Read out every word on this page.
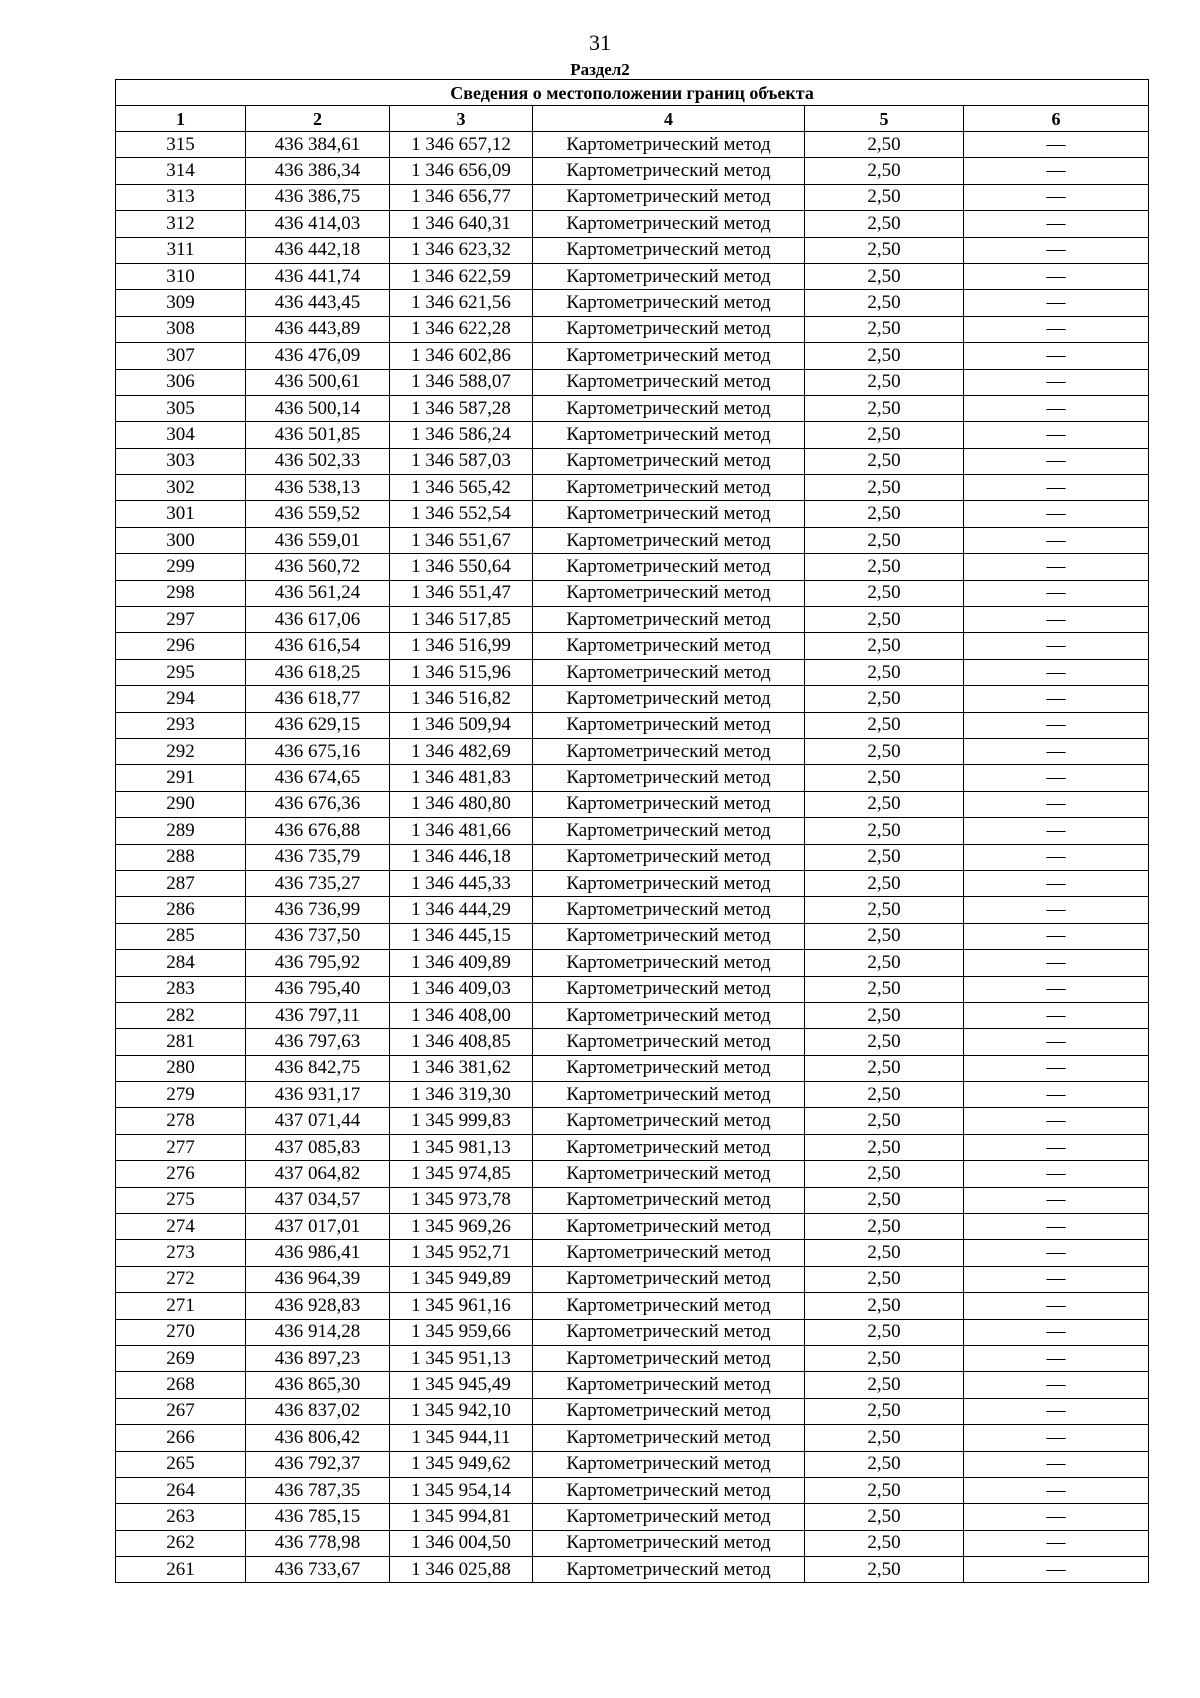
31
Раздел2
Сведения о местоположении границ объекта					
1	2	3	4	5	6
315	436 384,61	1 346 657,12	Картометрический метод	2,50	—
314	436 386,34	1 346 656,09	Картометрический метод	2,50	—
313	436 386,75	1 346 656,77	Картометрический метод	2,50	—
312	436 414,03	1 346 640,31	Картометрический метод	2,50	—
311	436 442,18	1 346 623,32	Картометрический метод	2,50	—
310	436 441,74	1 346 622,59	Картометрический метод	2,50	—
309	436 443,45	1 346 621,56	Картометрический метод	2,50	—
308	436 443,89	1 346 622,28	Картометрический метод	2,50	—
307	436 476,09	1 346 602,86	Картометрический метод	2,50	—
306	436 500,61	1 346 588,07	Картометрический метод	2,50	—
305	436 500,14	1 346 587,28	Картометрический метод	2,50	—
304	436 501,85	1 346 586,24	Картометрический метод	2,50	—
303	436 502,33	1 346 587,03	Картометрический метод	2,50	—
302	436 538,13	1 346 565,42	Картометрический метод	2,50	—
301	436 559,52	1 346 552,54	Картометрический метод	2,50	—
300	436 559,01	1 346 551,67	Картометрический метод	2,50	—
299	436 560,72	1 346 550,64	Картометрический метод	2,50	—
298	436 561,24	1 346 551,47	Картометрический метод	2,50	—
297	436 617,06	1 346 517,85	Картометрический метод	2,50	—
296	436 616,54	1 346 516,99	Картометрический метод	2,50	—
295	436 618,25	1 346 515,96	Картометрический метод	2,50	—
294	436 618,77	1 346 516,82	Картометрический метод	2,50	—
293	436 629,15	1 346 509,94	Картометрический метод	2,50	—
292	436 675,16	1 346 482,69	Картометрический метод	2,50	—
291	436 674,65	1 346 481,83	Картометрический метод	2,50	—
290	436 676,36	1 346 480,80	Картометрический метод	2,50	—
289	436 676,88	1 346 481,66	Картометрический метод	2,50	—
288	436 735,79	1 346 446,18	Картометрический метод	2,50	—
287	436 735,27	1 346 445,33	Картометрический метод	2,50	—
286	436 736,99	1 346 444,29	Картометрический метод	2,50	—
285	436 737,50	1 346 445,15	Картометрический метод	2,50	—
284	436 795,92	1 346 409,89	Картометрический метод	2,50	—
283	436 795,40	1 346 409,03	Картометрический метод	2,50	—
282	436 797,11	1 346 408,00	Картометрический метод	2,50	—
281	436 797,63	1 346 408,85	Картометрический метод	2,50	—
280	436 842,75	1 346 381,62	Картометрический метод	2,50	—
279	436 931,17	1 346 319,30	Картометрический метод	2,50	—
278	437 071,44	1 345 999,83	Картометрический метод	2,50	—
277	437 085,83	1 345 981,13	Картометрический метод	2,50	—
276	437 064,82	1 345 974,85	Картометрический метод	2,50	—
275	437 034,57	1 345 973,78	Картометрический метод	2,50	—
274	437 017,01	1 345 969,26	Картометрический метод	2,50	—
273	436 986,41	1 345 952,71	Картометрический метод	2,50	—
272	436 964,39	1 345 949,89	Картометрический метод	2,50	—
271	436 928,83	1 345 961,16	Картометрический метод	2,50	—
270	436 914,28	1 345 959,66	Картометрический метод	2,50	—
269	436 897,23	1 345 951,13	Картометрический метод	2,50	—
268	436 865,30	1 345 945,49	Картометрический метод	2,50	—
267	436 837,02	1 345 942,10	Картометрический метод	2,50	—
266	436 806,42	1 345 944,11	Картометрический метод	2,50	—
265	436 792,37	1 345 949,62	Картометрический метод	2,50	—
264	436 787,35	1 345 954,14	Картометрический метод	2,50	—
263	436 785,15	1 345 994,81	Картометрический метод	2,50	—
262	436 778,98	1 346 004,50	Картометрический метод	2,50	—
261	436 733,67	1 346 025,88	Картометрический метод	2,50	—
